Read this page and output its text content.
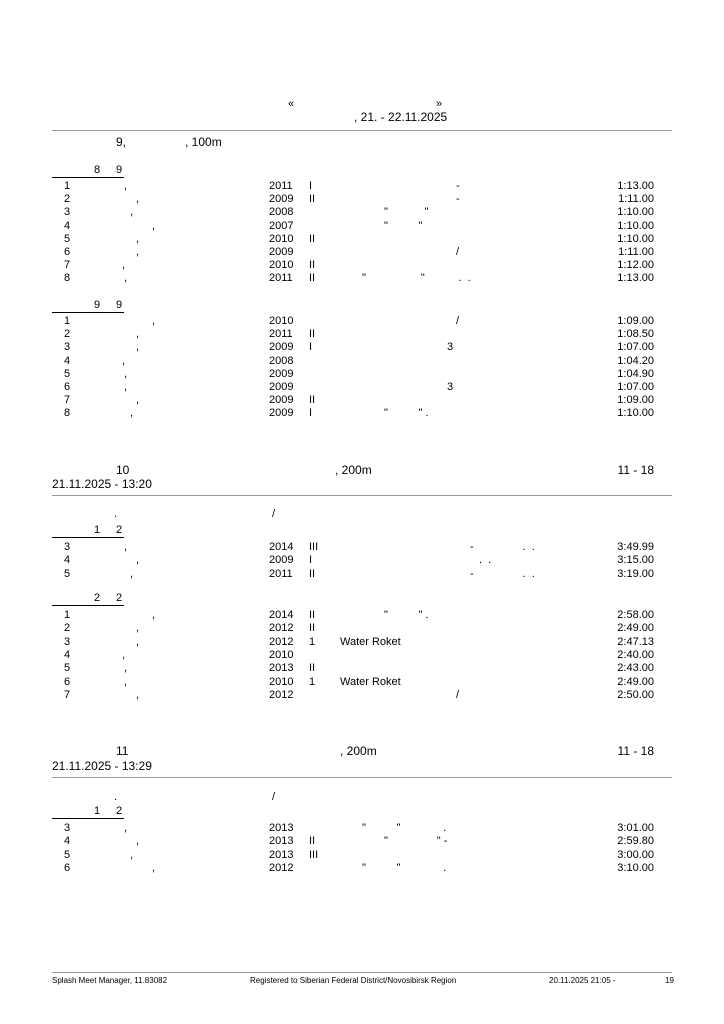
«	»
, 21. - 22.11.2025
9,	, 100m
8 9
1	,	2011 I	-	1:13.00
2	,	2009 II	-	1:11.00
3	,	2008	"            "	1:10.00
4	,	2007	"          "	1:10.00
5	,	2010 II	1:10.00
6	,	2009	/	1:11.00
7	,	2010 II	1:12.00
8	,	2011 II	"                  "           .  .	1:13.00
9 9
1	,	2010	/	1:09.00
2	,	2011 II	1:08.50
3	,	2009 I	3	1:07.00
4	,	2008	1:04.20
5	,	2009	1:04.90
6	,	2009	3	1:07.00
7	,	2009 II	1:09.00
8	,	2009 I	"          " .	1:10.00
10	, 200m	11 - 18
21.11.2025 - 13:20
.	/
1 2
3	,	2014 III	-                .  .	3:49.99
4	,	2009 I	.  .	3:15.00
5	,	2011 II	-                .  .	3:19.00
2 2
1	,	2014 II	"          " .	2:58.00
2	,	2012 II	2:49.00
3	,	2012 1 Water Roket	2:47.13
4	,	2010	2:40.00
5	,	2013 II	2:43.00
6	,	2010 1 Water Roket	2:49.00
7	,	2012	/	2:50.00
11	, 200m	11 - 18
21.11.2025 - 13:29
.	/
1 2
3	,	2013	"          "              .	3:01.00
4	,	2013 II	"                " -	2:59.80
5	,	2013 III	3:00.00
6	,	2012	"          "              .	3:10.00
Splash Meet Manager, 11.83082	Registered to Siberian Federal District/Novosibirsk Region	20.11.2025 21:05 -	19
